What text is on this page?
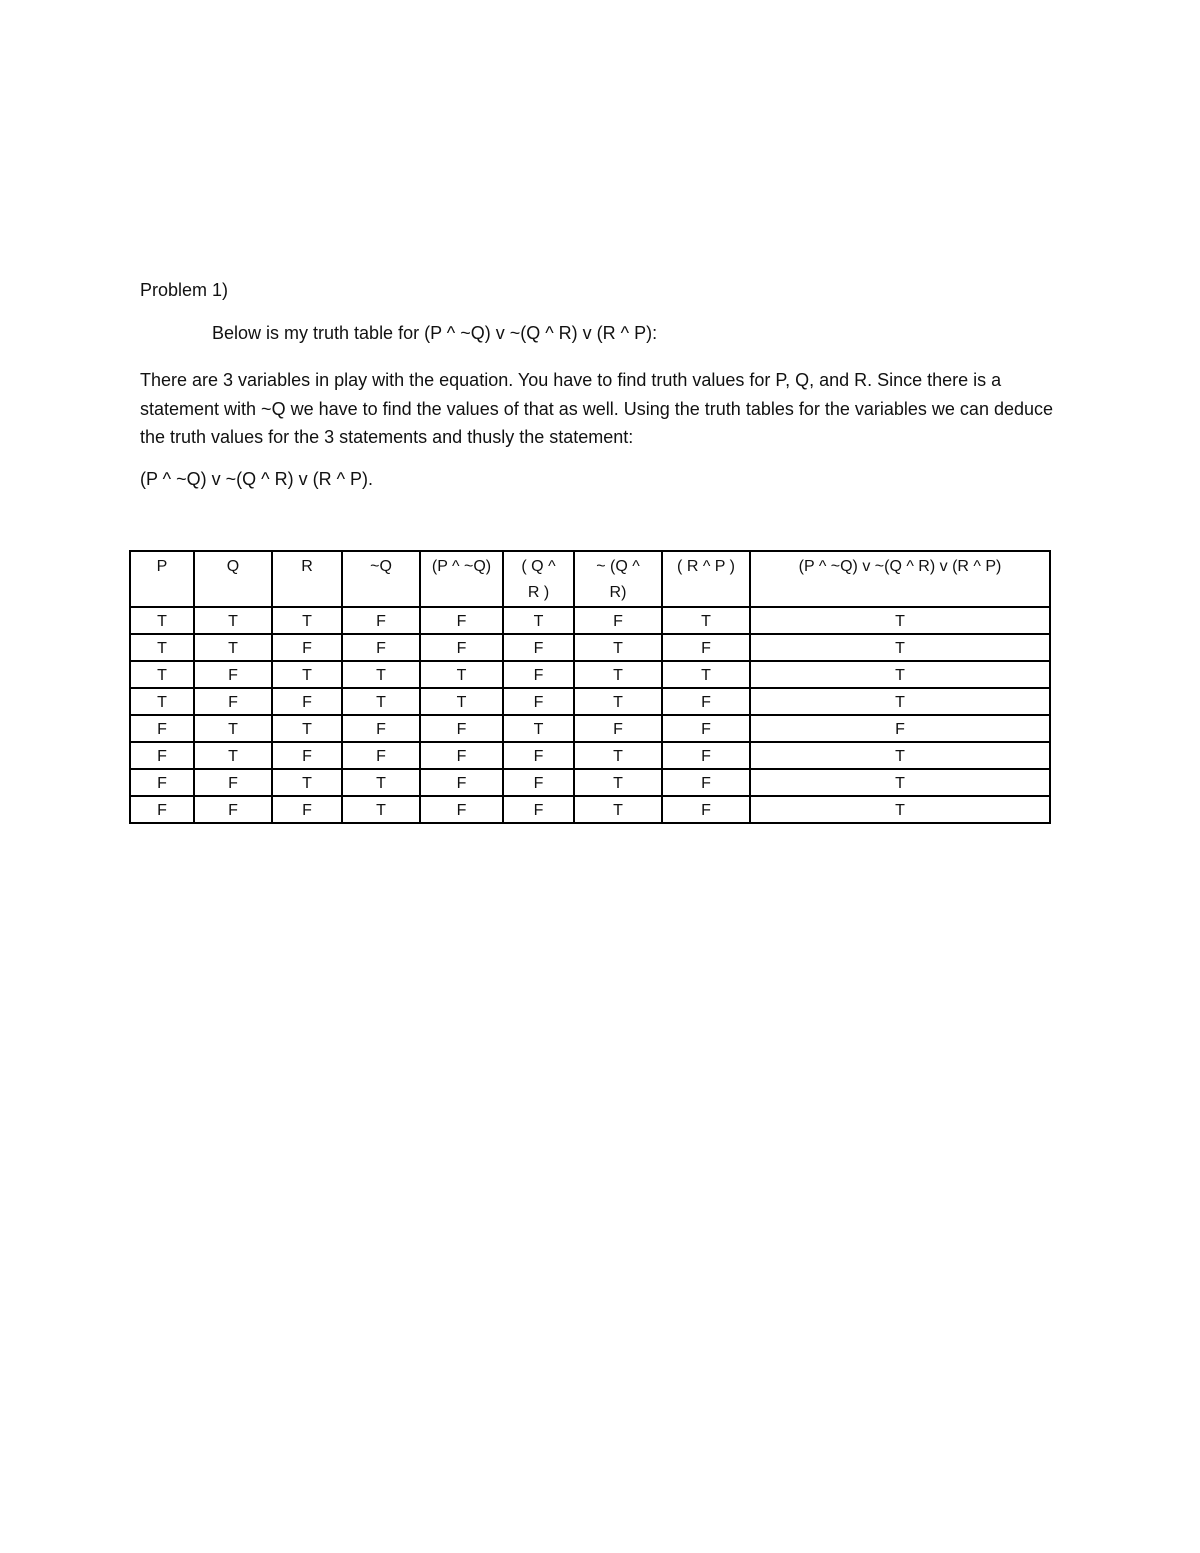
Problem 1)

Below is my truth table for (P ^ ~Q) v ~(Q ^ R) v (R ^ P):

There are 3 variables in play with the equation. You have to find truth values for P, Q, and R. Since there is a statement with ~Q we have to find the values of that as well. Using the truth tables for the variables we can deduce the truth values for the 3 statements and thusly the statement:

(P ^ ~Q) v ~(Q ^ R) v (R ^ P).

P	Q	R	~Q	(P ^ ~Q)	( Q ^ R )	~ (Q ^ R)	( R ^ P )	(P ^ ~Q) v ~(Q ^ R) v (R ^ P)
T	T	T	F	F	T	F	T	T
T	T	F	F	F	F	T	F	T
T	F	T	T	T	F	T	T	T
T	F	F	T	T	F	T	F	T
F	T	T	F	F	T	F	F	F
F	T	F	F	F	F	T	F	T
F	F	T	T	F	F	T	F	T
F	F	F	T	F	F	T	F	T
